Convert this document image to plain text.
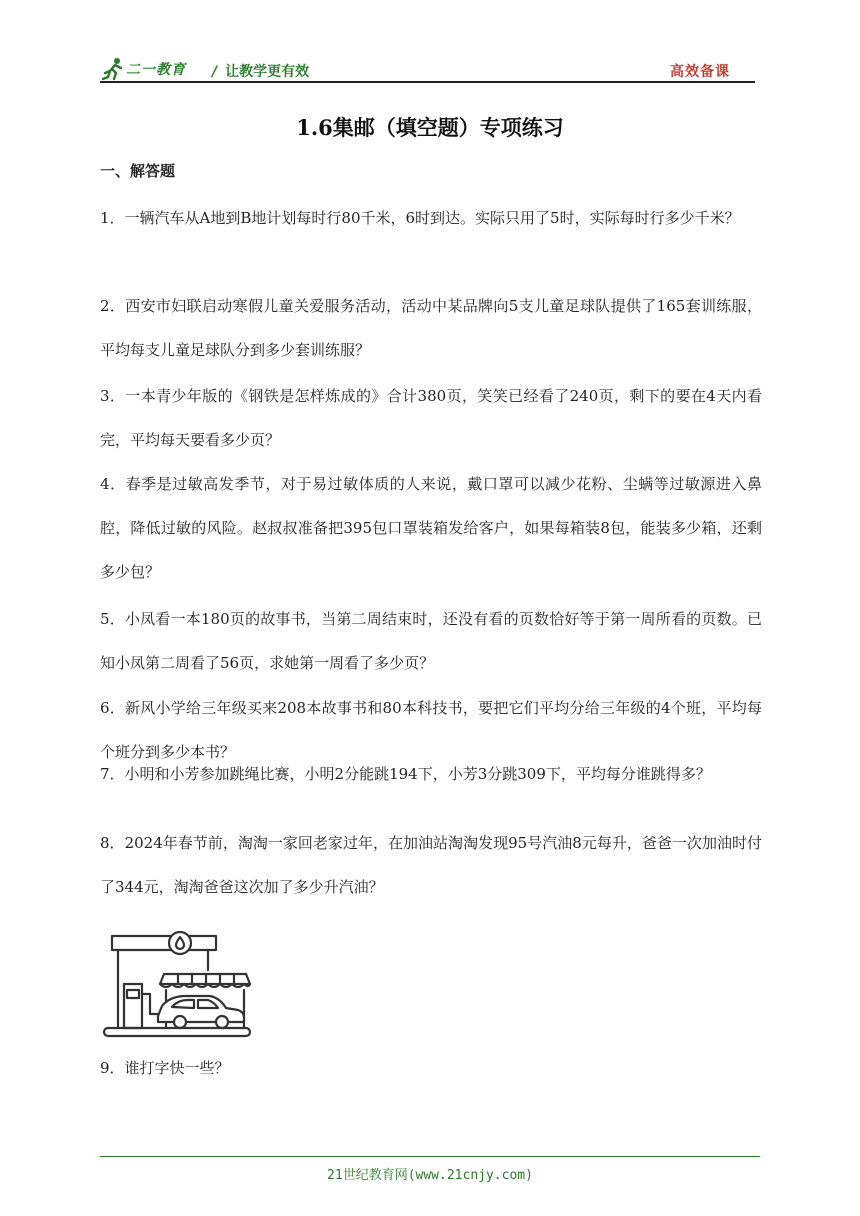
二一教育 / 让教学更有效	高效备课
1.6集邮（填空题）专项练习
一、解答题

1．一辆汽车从A地到B地计划每时行80千米，6时到达。实际只用了5时，实际每时行多少千米？

2．西安市妇联启动寒假儿童关爱服务活动，活动中某品牌向5支儿童足球队提供了165套训练服，平均每支儿童足球队分到多少套训练服？

3．一本青少年版的《钢铁是怎样炼成的》合计380页，笑笑已经看了240页，剩下的要在4天内看完，平均每天要看多少页？

4．春季是过敏高发季节，对于易过敏体质的人来说，戴口罩可以减少花粉、尘螨等过敏源进入鼻腔，降低过敏的风险。赵叔叔准备把395包口罩装箱发给客户，如果每箱装8包，能装多少箱，还剩多少包？

5．小凤看一本180页的故事书，当第二周结束时，还没有看的页数恰好等于第一周所看的页数。已知小凤第二周看了56页，求她第一周看了多少页？

6．新风小学给三年级买来208本故事书和80本科技书，要把它们平均分给三年级的4个班，平均每个班分到多少本书？

7．小明和小芳参加跳绳比赛，小明2分能跳194下，小芳3分跳309下，平均每分谁跳得多？

8．2024年春节前，淘淘一家回老家过年，在加油站淘淘发现95号汽油8元每升，爸爸一次加油时付了344元，淘淘爸爸这次加了多少升汽油？

9．谁打字快一些？

21世纪教育网(www.21cnjy.com)
